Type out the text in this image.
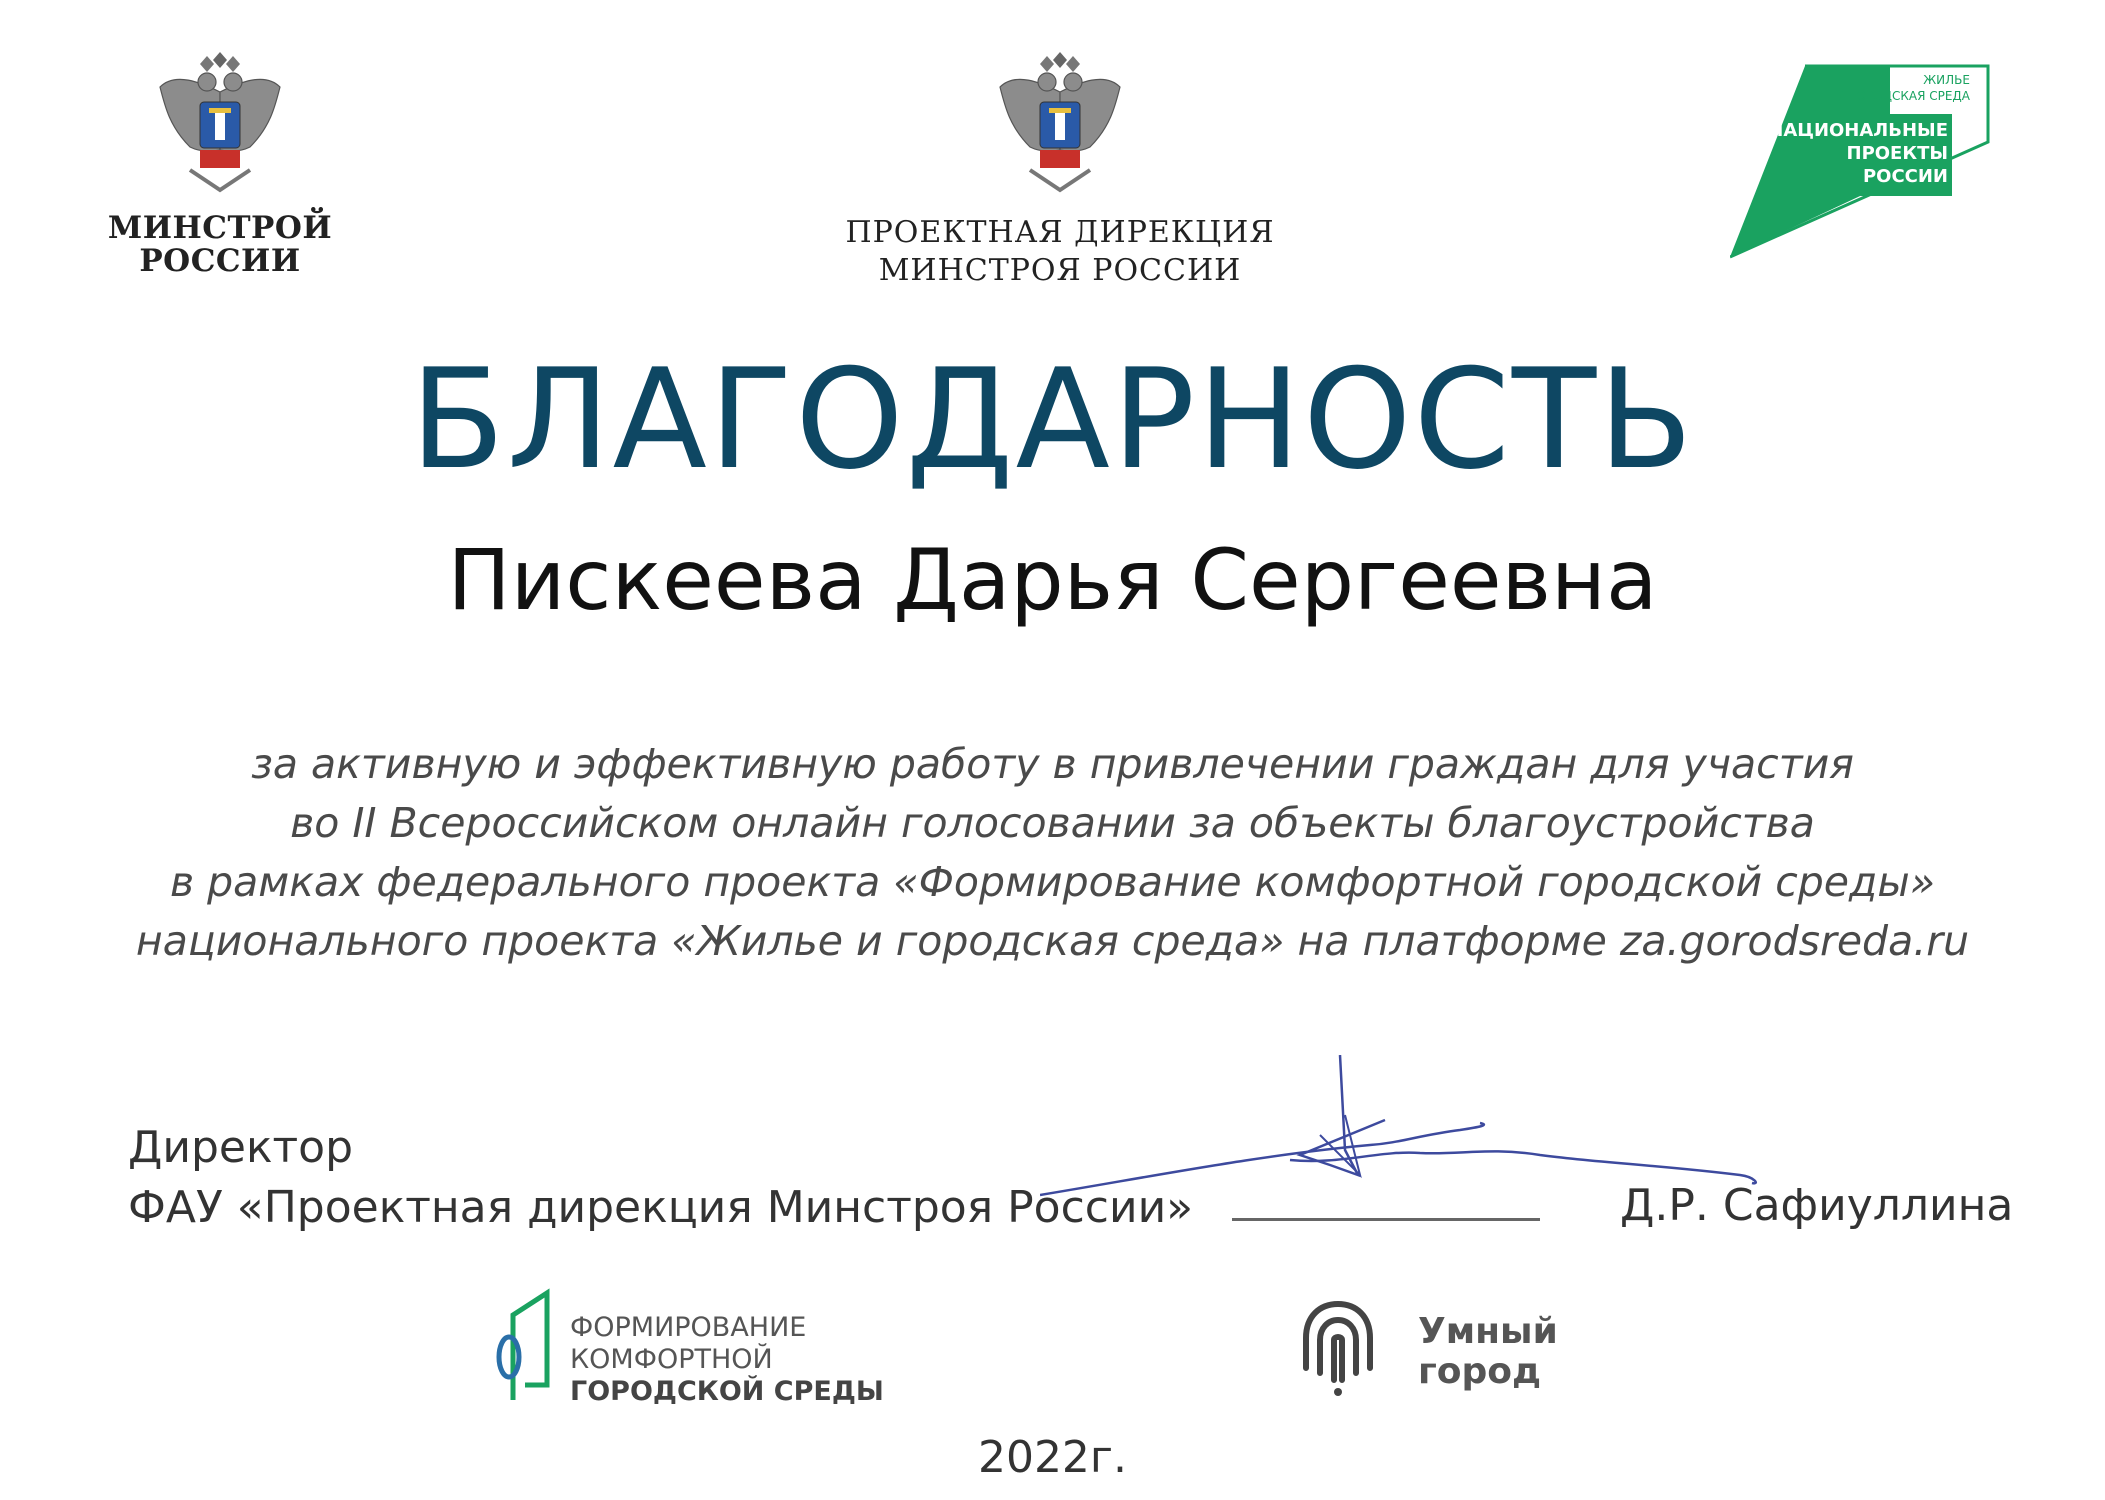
МИНСТРОЙ
РОССИИ
ПРОЕКТНАЯ ДИРЕКЦИЯ
МИНСТРОЯ РОССИИ
ЖИЛЬЕ
И ГОРОДСКАЯ СРЕДА
НАЦИОНАЛЬНЫЕ
ПРОЕКТЫ
РОССИИ
БЛАГОДАРНОСТЬ
Пискеева Дарья Сергеевна
за активную и эффективную работу в привлечении граждан для участия
во II Всероссийском онлайн голосовании за объекты благоустройства
в рамках федерального проекта «Формирование комфортной городской среды»
национального проекта «Жилье и городская среда» на платформе za.gorodsreda.ru
Директор
ФАУ «Проектная дирекция Минстроя России»	Д.Р. Сафиуллина
ФОРМИРОВАНИЕ
КОМФОРТНОЙ
ГОРОДСКОЙ СРЕДЫ
Умный
город
2022г.
